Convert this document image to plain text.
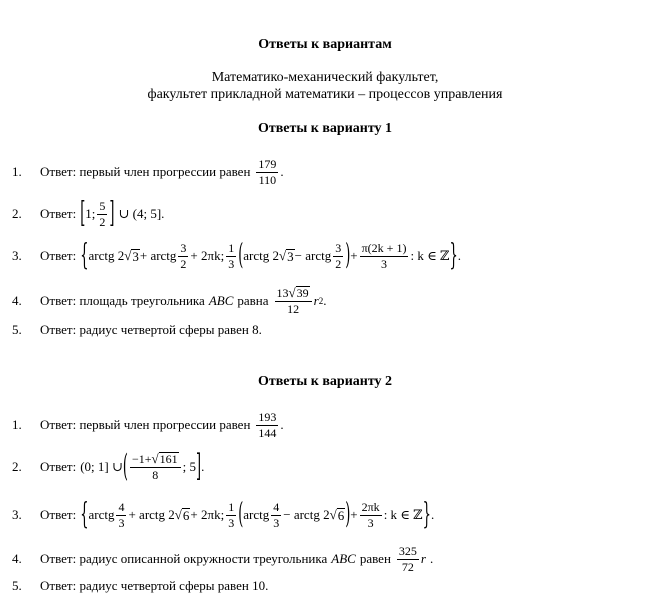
Ответы к вариантам
Математико-механический факультет,
факультет прикладной математики – процессов управления
Ответы к варианту 1
1.	Ответ: первый член прогрессии равен $\frac{179}{110}$ .
2.	Ответ: [ 1; $\frac{5}{2}$ ] ∪ (4; 5].
3.	Ответ: { arctg 2 √ 3 + arctg $\frac{3}{2} + 2\pi k$; $\frac{1}{3}$ ( arctg 2 √ 3 − arctg $\frac{3}{2}$ ) + $\frac{\pi(2k + 1)}{3}$ : k ∈ ℤ } .
4.	Ответ: площадь треугольника ABC равна $\frac{13 √ 39}{12}$ r 2 .
5.	Ответ: радиус четвертой сферы равен 8.
Ответы к варианту 2
1.	Ответ: первый член прогрессии равен $\frac{193}{144}$ .
2.	Ответ: (0; 1] ∪ ( $\frac{-1+ √ 161}{8}$ ; 5 ] .
3.	Ответ: { arctg $\frac{4}{3}$ + arctg 2 √ 6 + 2πk; $\frac{1}{3}$ ( arctg $\frac{4}{3}$ − arctg 2 √ 6 ) + $\frac{2\pi k}{3}$ : k ∈ ℤ } .
4.	Ответ: радиус описанной окружности треугольника ABC равен $\frac{325}{72}$ r .
5.	Ответ: радиус четвертой сферы равен 10.
